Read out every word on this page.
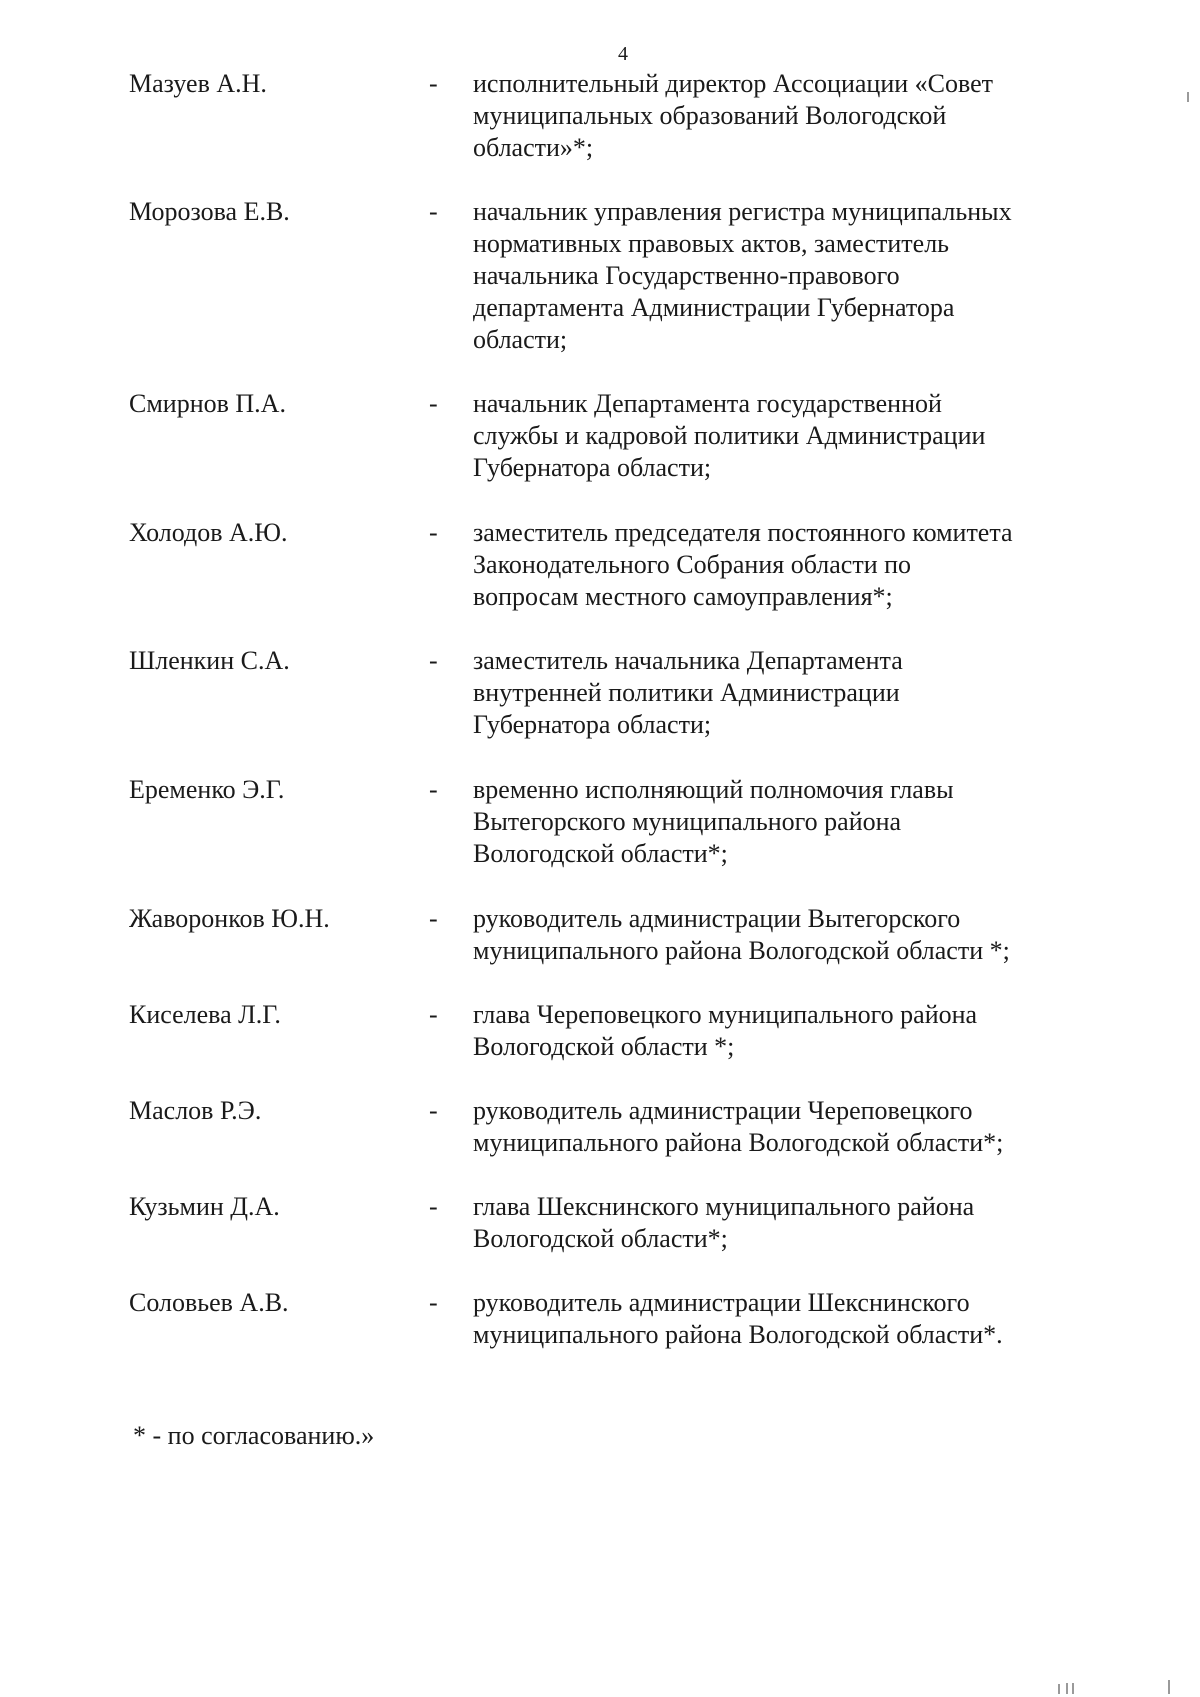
4
Мазуев А.Н.	- исполнительный директор Ассоциации «Совет
муниципальных образований Вологодской
области»*;
Морозова Е.В.	- начальник управления регистра муниципальных
нормативных правовых актов, заместитель
начальника Государственно-правового
департамента Администрации Губернатора
области;
Смирнов П.А.	- начальник Департамента государственной
службы и кадровой политики Администрации
Губернатора области;
Холодов А.Ю.	- заместитель председателя постоянного комитета
Законодательного Собрания области по
вопросам местного самоуправления*;
Шленкин С.А.	- заместитель начальника Департамента
внутренней политики Администрации
Губернатора области;
Еременко Э.Г.	- временно исполняющий полномочия главы
Вытегорского муниципального района
Вологодской области*;
Жаворонков Ю.Н.	- руководитель администрации Вытегорского
муниципального района Вологодской области *;
Киселева Л.Г.	- глава Череповецкого муниципального района
Вологодской области *;
Маслов Р.Э.	- руководитель администрации Череповецкого
муниципального района Вологодской области*;
Кузьмин Д.А.	- глава Шекснинского муниципального района
Вологодской области*;
Соловьев А.В.	- руководитель администрации Шекснинского
муниципального района Вологодской области*.
* - по согласованию.»
